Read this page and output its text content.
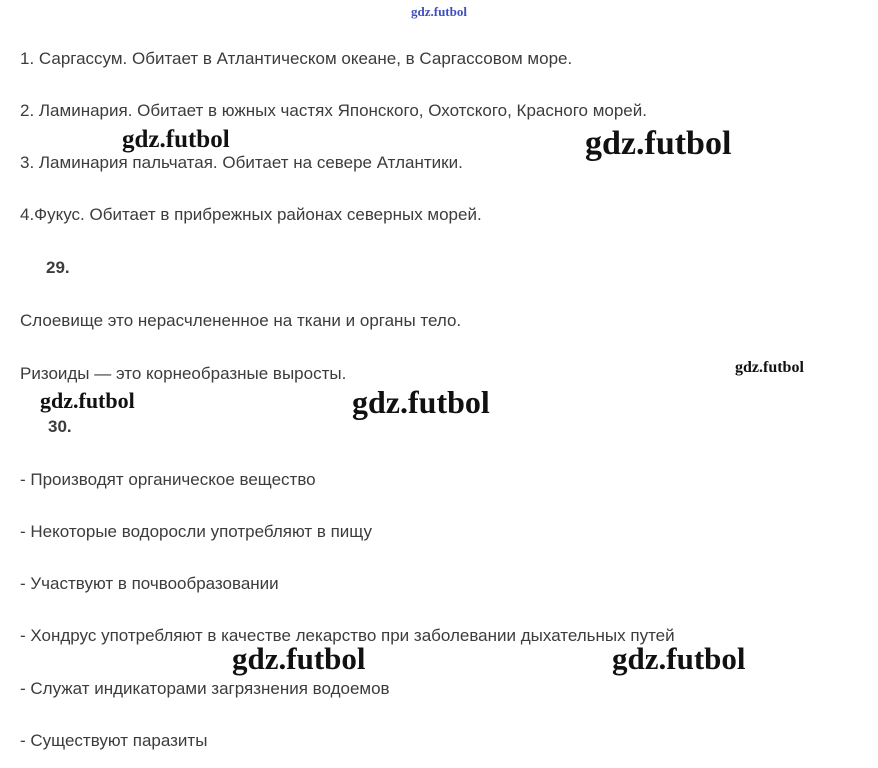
gdz.futbol
1. Саргассум. Обитает в Атлантическом океане, в Саргассовом море.
2. Ламинария. Обитает в южных частях Японского, Охотского, Красного морей.
3. Ламинария пальчатая. Обитает на севере Атлантики.
4.Фукус. Обитает в прибрежных районах северных морей.
Слоевище это нерасчлененное на ткани и органы тело.
Ризоиды — это корнеобразные выросты.
- Производят органическое вещество
- Некоторые водоросли употребляют в пищу
- Участвуют в почвообразовании
- Хондрус употребляют в качестве лекарство при заболевании дыхательных путей
- Служат индикаторами загрязнения водоемов
- Существуют паразиты
29.
30.
gdz.futbol	gdz.futbol
gdz.futbol
gdz.futbol	gdz.futbol
gdz.futbol	gdz.futbol
